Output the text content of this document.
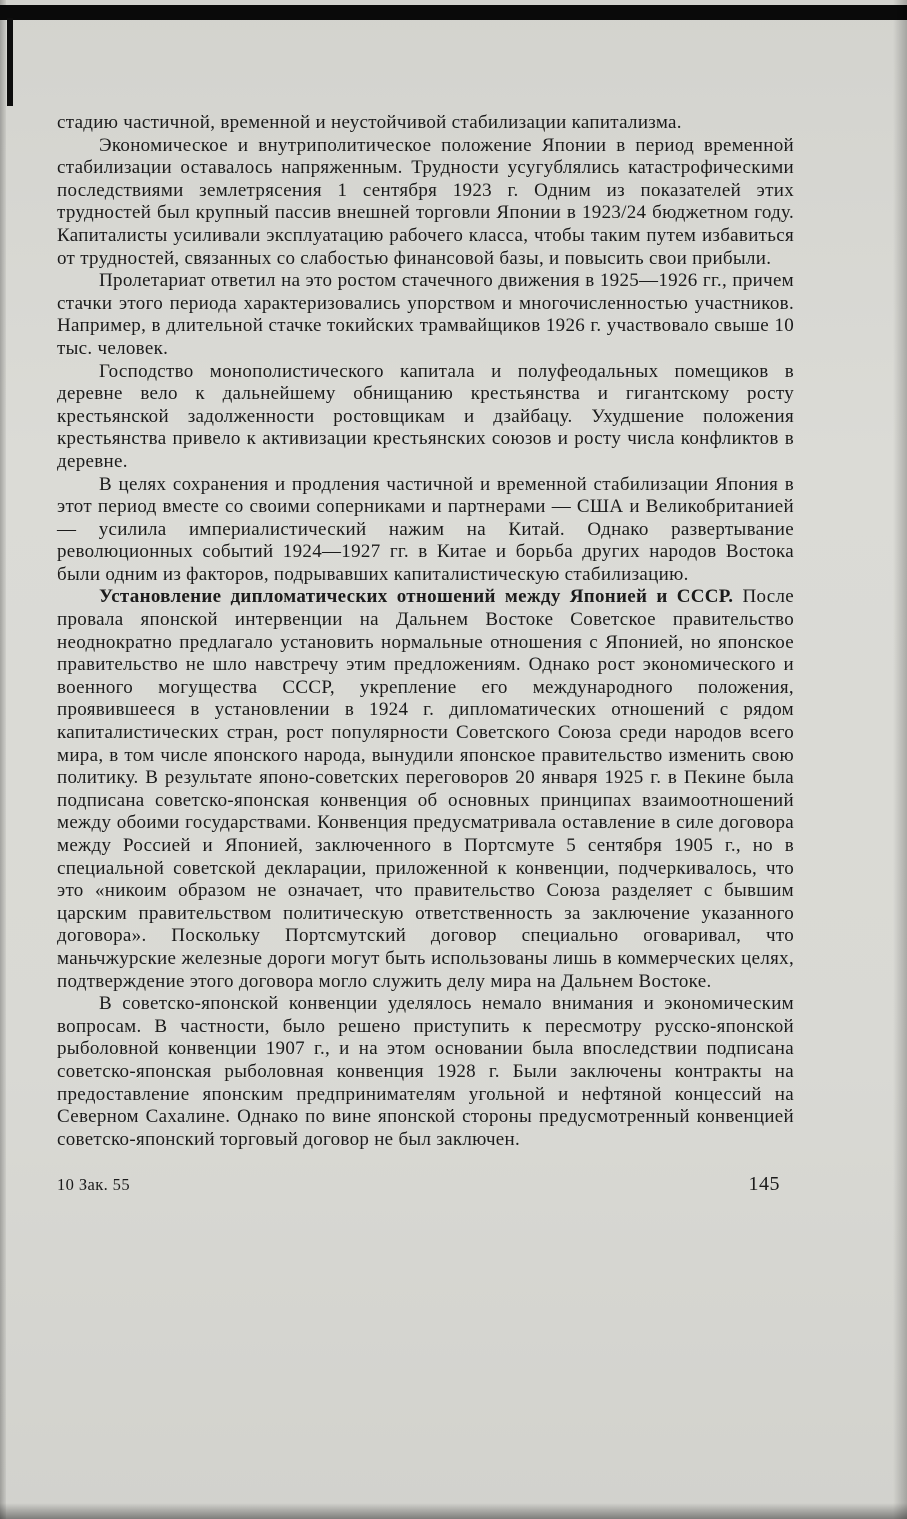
стадию частичной, временной и неустойчивой стабилизации капитализма.

Экономическое и внутриполитическое положение Японии в период временной стабилизации оставалось напряженным. Трудности усугублялись катастрофическими последствиями землетрясения 1 сентября 1923 г. Одним из показателей этих трудностей был крупный пассив внешней торговли Японии в 1923/24 бюджетном году. Капиталисты усиливали эксплуатацию рабочего класса, чтобы таким путем избавиться от трудностей, связанных со слабостью финансовой базы, и повысить свои прибыли.

Пролетариат ответил на это ростом стачечного движения в 1925—1926 гг., причем стачки этого периода характеризовались упорством и многочисленностью участников. Например, в длительной стачке токийских трамвайщиков 1926 г. участвовало свыше 10 тыс. человек.

Господство монополистического капитала и полуфеодальных помещиков в деревне вело к дальнейшему обнищанию крестьянства и гигантскому росту крестьянской задолженности ростовщикам и дзайбацу. Ухудшение положения крестьянства привело к активизации крестьянских союзов и росту числа конфликтов в деревне.

В целях сохранения и продления частичной и временной стабилизации Япония в этот период вместе со своими соперниками и партнерами — США и Великобританией — усилила империалистический нажим на Китай. Однако развертывание революционных событий 1924—1927 гг. в Китае и борьба других народов Востока были одним из факторов, подрывавших капиталистическую стабилизацию.

Установление дипломатических отношений между Японией и СССР. После провала японской интервенции на Дальнем Востоке Советское правительство неоднократно предлагало установить нормальные отношения с Японией, но японское правительство не шло навстречу этим предложениям. Однако рост экономического и военного могущества СССР, укрепление его международного положения, проявившееся в установлении в 1924 г. дипломатических отношений с рядом капиталистических стран, рост популярности Советского Союза среди народов всего мира, в том числе японского народа, вынудили японское правительство изменить свою политику. В результате японо-советских переговоров 20 января 1925 г. в Пекине была подписана советско-японская конвенция об основных принципах взаимоотношений между обоими государствами. Конвенция предусматривала оставление в силе договора между Россией и Японией, заключенного в Портсмуте 5 сентября 1905 г., но в специальной советской декларации, приложенной к конвенции, подчеркивалось, что это «никоим образом не означает, что правительство Союза разделяет с бывшим царским правительством политическую ответственность за заключение указанного договора». Поскольку Портсмутский договор специально оговаривал, что маньчжурские железные дороги могут быть использованы лишь в коммерческих целях, подтверждение этого договора могло служить делу мира на Дальнем Востоке.

В советско-японской конвенции уделялось немало внимания и экономическим вопросам. В частности, было решено приступить к пересмотру русско-японской рыболовной конвенции 1907 г., и на этом основании была впоследствии подписана советско-японская рыболовная конвенция 1928 г. Были заключены контракты на предоставление японским предпринимателям угольной и нефтяной концессий на Северном Сахалине. Однако по вине японской стороны предусмотренный конвенцией советско-японский торговый договор не был заключен.

10 Зак. 55	145
